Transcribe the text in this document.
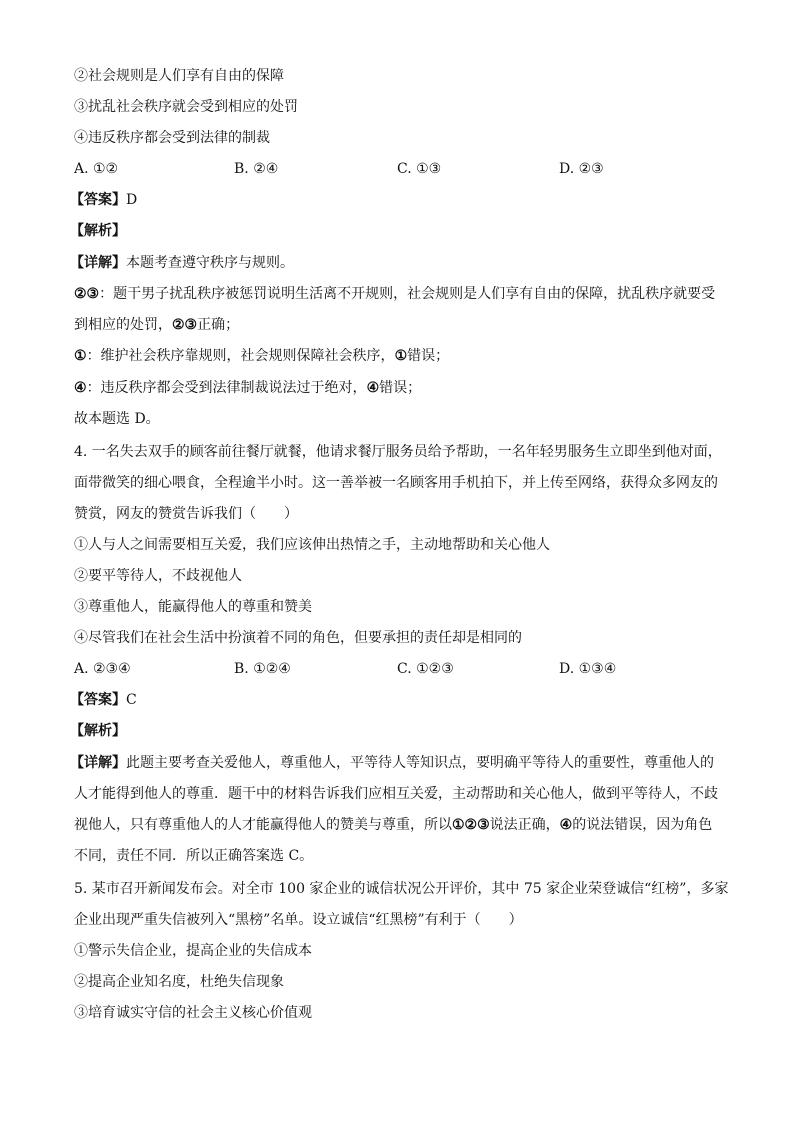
②社会规则是人们享有自由的保障
③扰乱社会秩序就会受到相应的处罚
④违反秩序都会受到法律的制裁
A. ①②	B. ②④	C. ①③	D. ②③
【答案】D
【解析】
【详解】本题考查遵守秩序与规则。
②③：题干男子扰乱秩序被惩罚说明生活离不开规则，社会规则是人们享有自由的保障，扰乱秩序就要受
到相应的处罚，②③正确；
①：维护社会秩序靠规则，社会规则保障社会秩序，①错误；
④：违反秩序都会受到法律制裁说法过于绝对，④错误；
故本题选 D。
4. 一名失去双手的顾客前往餐厅就餐，他请求餐厅服务员给予帮助，一名年轻男服务生立即坐到他对面，
面带微笑的细心喂食，全程逾半小时。这一善举被一名顾客用手机拍下，并上传至网络，获得众多网友的
赞赏，网友的赞赏告诉我们（　　）
①人与人之间需要相互关爱，我们应该伸出热情之手，主动地帮助和关心他人
②要平等待人，不歧视他人
③尊重他人，能赢得他人的尊重和赞美
④尽管我们在社会生活中扮演着不同的角色，但要承担的责任却是相同的
A. ②③④	B. ①②④	C. ①②③	D. ①③④
【答案】C
【解析】
【详解】此题主要考查关爱他人，尊重他人，平等待人等知识点，要明确平等待人的重要性，尊重他人的
人才能得到他人的尊重．题干中的材料告诉我们应相互关爱，主动帮助和关心他人，做到平等待人，不歧
视他人，只有尊重他人的人才能赢得他人的赞美与尊重，所以①②③说法正确，④的说法错误，因为角色
不同，责任不同．所以正确答案选 C。
5. 某市召开新闻发布会。对全市 100 家企业的诚信状况公开评价，其中 75 家企业荣登诚信“红榜”，多家
企业出现严重失信被列入“黑榜”名单。设立诚信“红黑榜”有利于（　　）
①警示失信企业，提高企业的失信成本
②提高企业知名度，杜绝失信现象
③培育诚实守信的社会主义核心价值观
